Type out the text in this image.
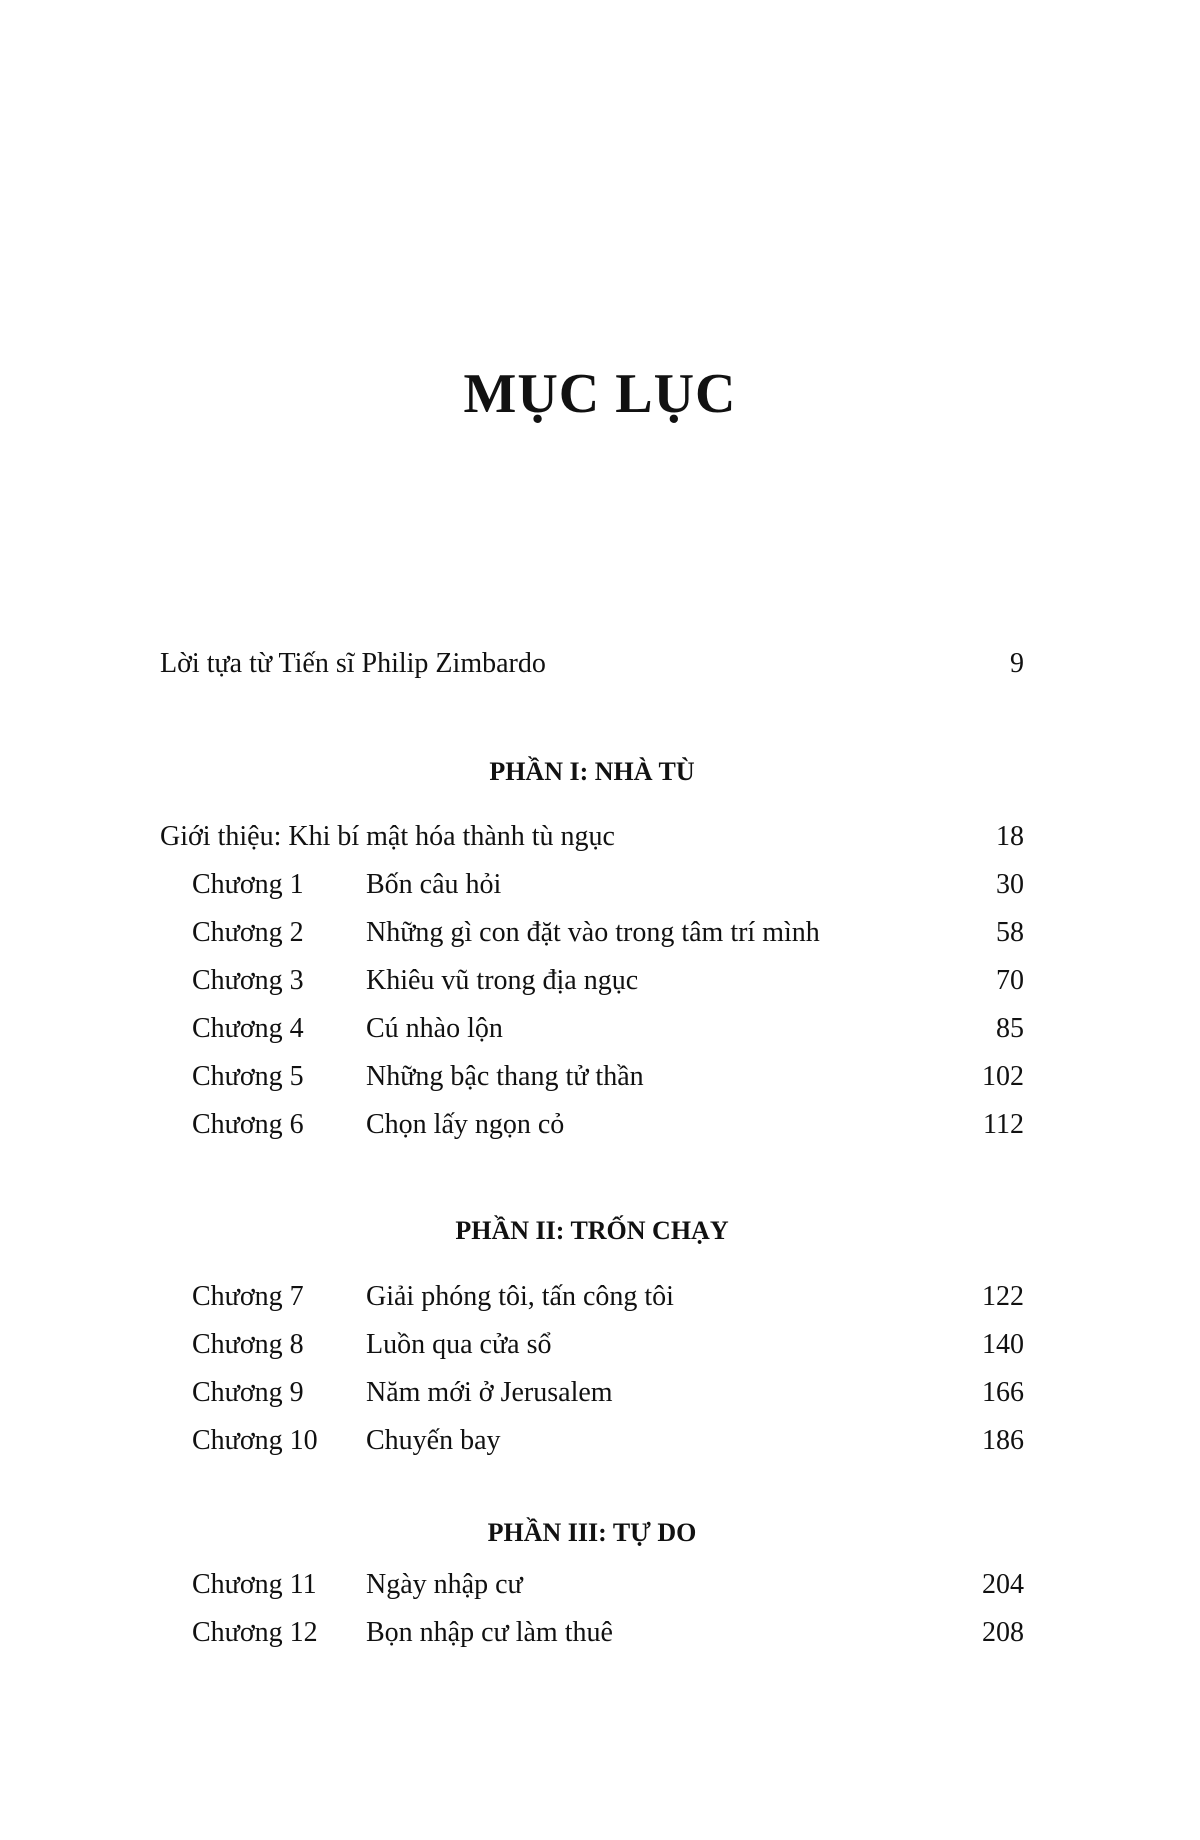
MỤC LỤC
Lời tựa từ Tiến sĩ Philip Zimbardo	9
PHẦN I: NHÀ TÙ
Giới thiệu: Khi bí mật hóa thành tù ngục	18
Chương 1 Bốn câu hỏi	30
Chương 2 Những gì con đặt vào trong tâm trí mình	58
Chương 3 Khiêu vũ trong địa ngục	70
Chương 4 Cú nhào lộn	85
Chương 5 Những bậc thang tử thần	102
Chương 6 Chọn lấy ngọn cỏ	112
PHẦN II: TRỐN CHẠY
Chương 7 Giải phóng tôi, tấn công tôi	122
Chương 8 Luồn qua cửa sổ	140
Chương 9 Năm mới ở Jerusalem	166
Chương 10 Chuyến bay	186
PHẦN III: TỰ DO
Chương 11 Ngày nhập cư	204
Chương 12 Bọn nhập cư làm thuê	208
